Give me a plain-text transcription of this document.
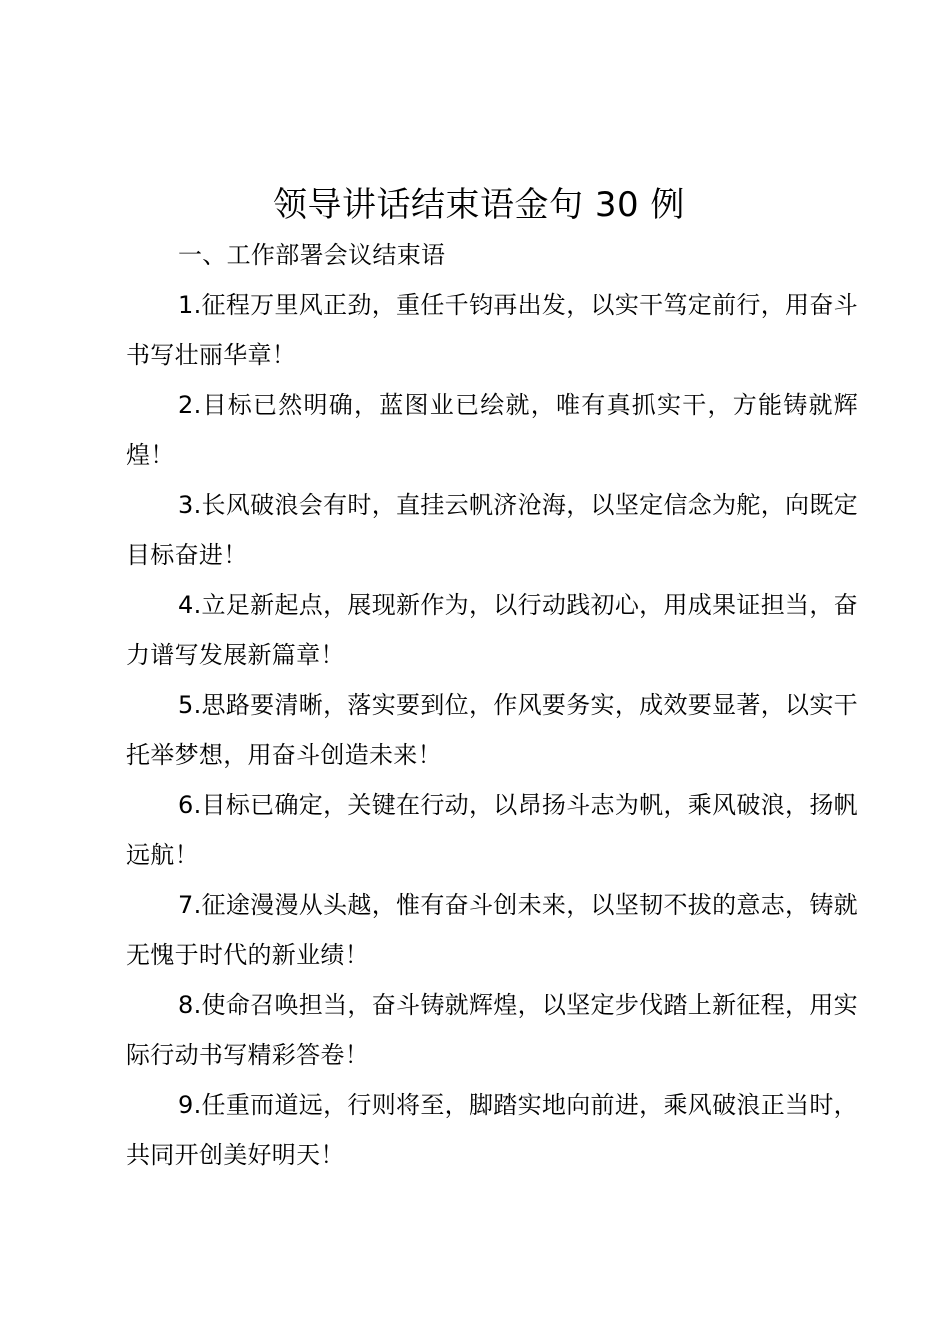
领导讲话结束语金句 30 例

一、工作部署会议结束语

1.征程万里风正劲，重任千钧再出发，以实干笃定前行，用奋斗书写壮丽华章！

2.目标已然明确，蓝图业已绘就，唯有真抓实干，方能铸就辉煌！

3.长风破浪会有时，直挂云帆济沧海，以坚定信念为舵，向既定目标奋进！

4.立足新起点，展现新作为，以行动践初心，用成果证担当，奋力谱写发展新篇章！

5.思路要清晰，落实要到位，作风要务实，成效要显著，以实干托举梦想，用奋斗创造未来！

6.目标已确定，关键在行动，以昂扬斗志为帆，乘风破浪，扬帆远航！

7.征途漫漫从头越，惟有奋斗创未来，以坚韧不拔的意志，铸就无愧于时代的新业绩！

8.使命召唤担当，奋斗铸就辉煌，以坚定步伐踏上新征程，用实际行动书写精彩答卷！

9.任重而道远，行则将至，脚踏实地向前进，乘风破浪正当时，共同开创美好明天！
